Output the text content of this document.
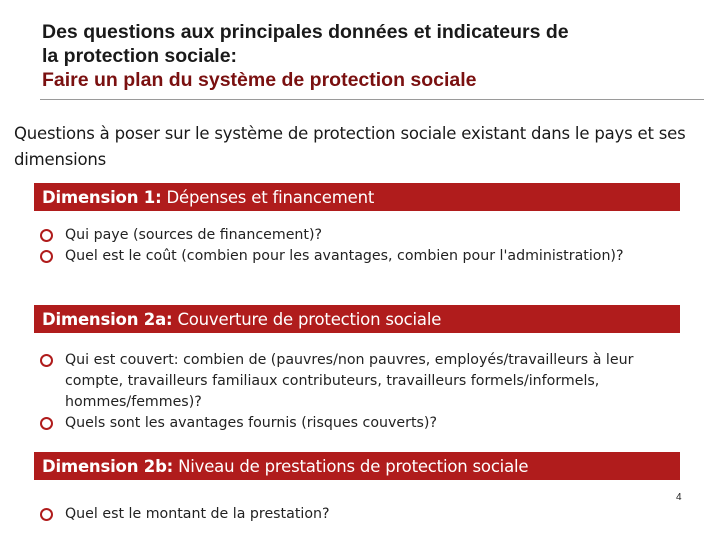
Des questions aux principales données et indicateurs de
la protection sociale:
Faire un plan du système de protection sociale
Questions à poser sur le système de protection sociale existant dans le pays et ses dimensions
Dimension 1: Dépenses et financement
Qui paye (sources de financement)?
Quel est le coût (combien pour les avantages, combien pour l'administration)?
Dimension 2a: Couverture de protection sociale
Qui est couvert: combien de (pauvres/non pauvres, employés/travailleurs à leur compte, travailleurs familiaux contributeurs, travailleurs formels/informels, hommes/femmes)?
Quels sont les avantages fournis (risques couverts)?
Dimension 2b: Niveau de prestations de protection sociale
Quel est le montant de la prestation?
4
